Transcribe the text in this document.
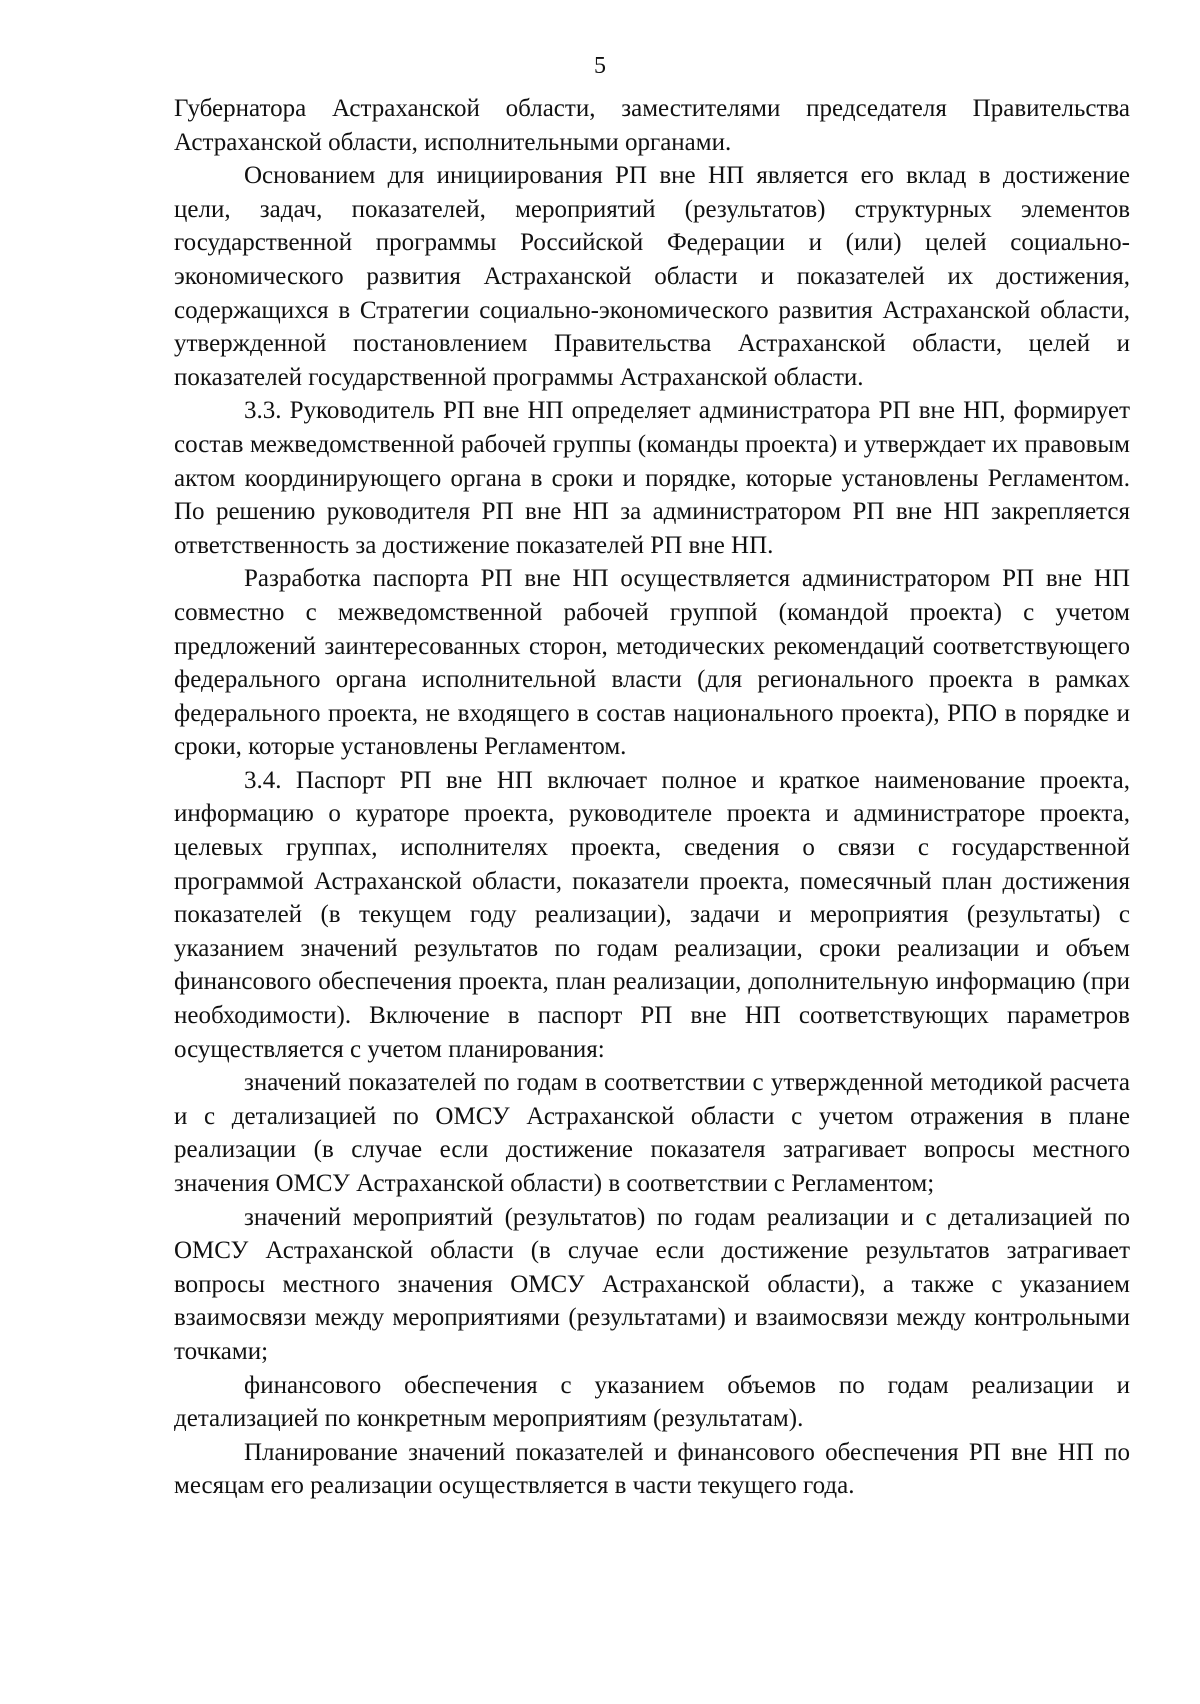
5

Губернатора Астраханской области, заместителями председателя Правительства Астраханской области, исполнительными органами.

Основанием для инициирования РП вне НП является его вклад в достижение цели, задач, показателей, мероприятий (результатов) структурных элементов государственной программы Российской Федерации и (или) целей социально-экономического развития Астраханской области и показателей их достижения, содержащихся в Стратегии социально-экономического развития Астраханской области, утвержденной постановлением Правительства Астраханской области, целей и показателей государственной программы Астраханской области.

3.3. Руководитель РП вне НП определяет администратора РП вне НП, формирует состав межведомственной рабочей группы (команды проекта) и утверждает их правовым актом координирующего органа в сроки и порядке, которые установлены Регламентом. По решению руководителя РП вне НП за администратором РП вне НП закрепляется ответственность за достижение показателей РП вне НП.

Разработка паспорта РП вне НП осуществляется администратором РП вне НП совместно с межведомственной рабочей группой (командой проекта) с учетом предложений заинтересованных сторон, методических рекомендаций соответствующего федерального органа исполнительной власти (для регионального проекта в рамках федерального проекта, не входящего в состав национального проекта), РПО в порядке и сроки, которые установлены Регламентом.

3.4. Паспорт РП вне НП включает полное и краткое наименование проекта, информацию о кураторе проекта, руководителе проекта и администраторе проекта, целевых группах, исполнителях проекта, сведения о связи с государственной программой Астраханской области, показатели проекта, помесячный план достижения показателей (в текущем году реализации), задачи и мероприятия (результаты) с указанием значений результатов по годам реализации, сроки реализации и объем финансового обеспечения проекта, план реализации, дополнительную информацию (при необходимости). Включение в паспорт РП вне НП соответствующих параметров осуществляется с учетом планирования:

значений показателей по годам в соответствии с утвержденной методикой расчета и с детализацией по ОМСУ Астраханской области с учетом отражения в плане реализации (в случае если достижение показателя затрагивает вопросы местного значения ОМСУ Астраханской области) в соответствии с Регламентом;

значений мероприятий (результатов) по годам реализации и с детализацией по ОМСУ Астраханской области (в случае если достижение результатов затрагивает вопросы местного значения ОМСУ Астраханской области), а также с указанием взаимосвязи между мероприятиями (результатами) и взаимосвязи между контрольными точками;

финансового обеспечения с указанием объемов по годам реализации и детализацией по конкретным мероприятиям (результатам).

Планирование значений показателей и финансового обеспечения РП вне НП по месяцам его реализации осуществляется в части текущего года.
